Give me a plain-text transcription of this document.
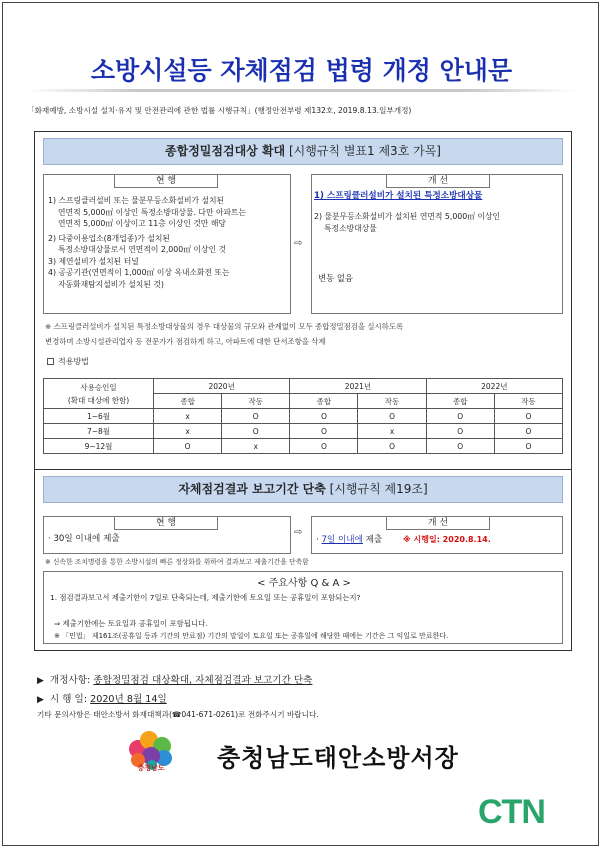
소방시설등 자체점검 법령 개정 안내문
「화재예방, 소방시설 설치·유지 및 안전관리에 관한 법률 시행규칙」(행정안전부령 제132호, 2019.8.13.일부개정)
종합정밀점검대상 확대 [시행규칙 별표1 제3호 가목]
현 행
1) 스프링클러설비 또는 물분무등소화설비가 설치된
연면적 5,000㎡ 이상인 특정소방대상물. 다만 아파트는
연면적 5,000㎡ 이상이고 11층 이상인 것만 해당
2) 다중이용업소(8개업종)가 설치된
특정소방대상물로서 연면적이 2,000㎡ 이상인 것
3) 제연설비가 설치된 터널
4) 공공기관(연면적이 1,000㎡ 이상 옥내소화전 또는
자동화재탐지설비가 설치된 것)
⇨
개 선
1) 스프링클러설비가 설치된 특정소방대상물
2) 물분무등소화설비가 설치된 연면적 5,000㎡ 이상인
특정소방대상물
변동 없음
※ 스프링클러설비가 설치된 특정소방대상물의 경우 대상물의 규모와 관계없이 모두 종합정밀점검을 실시하도록
변경하며 소방시설관리업자 등 전문가가 점검하게 하고, 아파트에 대한 단서조항을 삭제
적용방법
사용승인일
(확대 대상에 한함)	2020년		2021년		2022년	
	종합	작동	종합	작동	종합	작동
1~6월	x	O	O	O	O	O
7~8월	x	O	O	x	O	O
9~12월	O	x	O	O	O	O
자체점검결과 보고기간 단축 [시행규칙 제19조]
현 행
· 30일 이내에 제출
⇨
개 선
· 7일 이내에 제출	※ 시행일: 2020.8.14.
※ 신속한 조치명령을 통한 소방시설의 빠른 정상화를 위하여 결과보고 제출기간을 단축함
< 주요사항 Q & A >
1. 점검결과보고서 제출기한이 7일로 단축되는데, 제출기한에 토요일 또는 공휴일이 포함되는지?
⇒ 제출기한에는 토요일과 공휴일이 포함됩니다.
※ 「민법」 제161조(공휴일 등과 기간의 만료점) 기간의 말일이 토요일 또는 공휴일에 해당한 때에는 기간은 그 익일로 만료한다.
▶ 개정사항: 종합정밀점검 대상확대, 자체점검결과 보고기간 단축
▶ 시 행 일: 2020년 8월 14일
기타 문의사항은 태안소방서 화재대책과(☎041-671-0261)로 전화주시기 바랍니다.
충청남도	충청남도태안소방서장
CTN
